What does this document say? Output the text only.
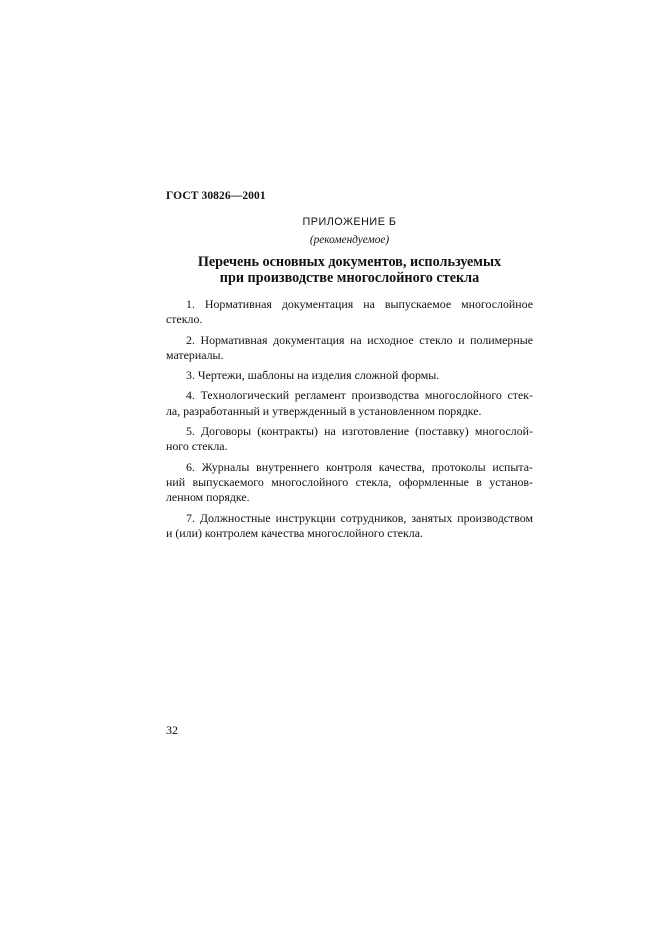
ГОСТ 30826—2001
ПРИЛОЖЕНИЕ Б
(рекомендуемое)
Перечень основных документов, используемых
при производстве многослойного стекла
1. Нормативная документация на выпускаемое многослойное
стекло.
2. Нормативная документация на исходное стекло и полимерные
материалы.
3. Чертежи, шаблоны на изделия сложной формы.
4. Технологический регламент производства многослойного стек-
ла, разработанный и утвержденный в установленном порядке.
5. Договоры (контракты) на изготовление (поставку) многослой-
ного стекла.
6. Журналы внутреннего контроля качества, протоколы испыта-
ний выпускаемого многослойного стекла, оформленные в установ-
ленном порядке.
7. Должностные инструкции сотрудников, занятых производством
и (или) контролем качества многослойного стекла.
32
